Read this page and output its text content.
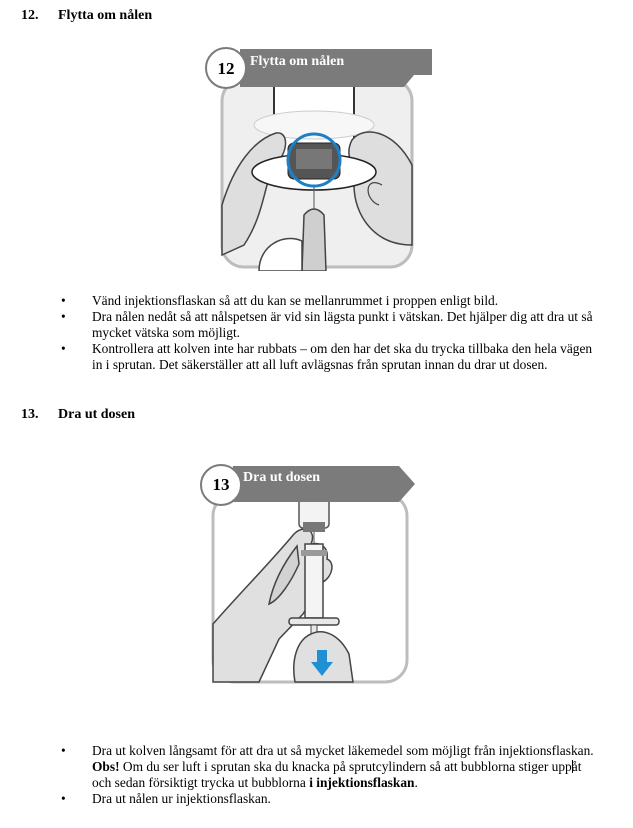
12. Flytta om nålen
12	Flytta om nålen
• Vänd injektionsflaskan så att du kan se mellanrummet i proppen enligt bild.
• Dra nålen nedåt så att nålspetsen är vid sin lägsta punkt i vätskan. Det hjälper dig att dra ut så mycket vätska som möjligt.
• Kontrollera att kolven inte har rubbats – om den har det ska du trycka tillbaka den hela vägen in i sprutan. Det säkerställer att all luft avlägsnas från sprutan innan du drar ut dosen.
13. Dra ut dosen
13 Dra ut dosen
• Dra ut kolven långsamt för att dra ut så mycket läkemedel som möjligt från injektionsflaskan.
Obs! Om du ser luft i sprutan ska du knacka på sprutcylindern så att bubblorna stiger uppåt och sedan försiktigt trycka ut bubblorna i injektionsflaskan.
• Dra ut nålen ur injektionsflaskan.
